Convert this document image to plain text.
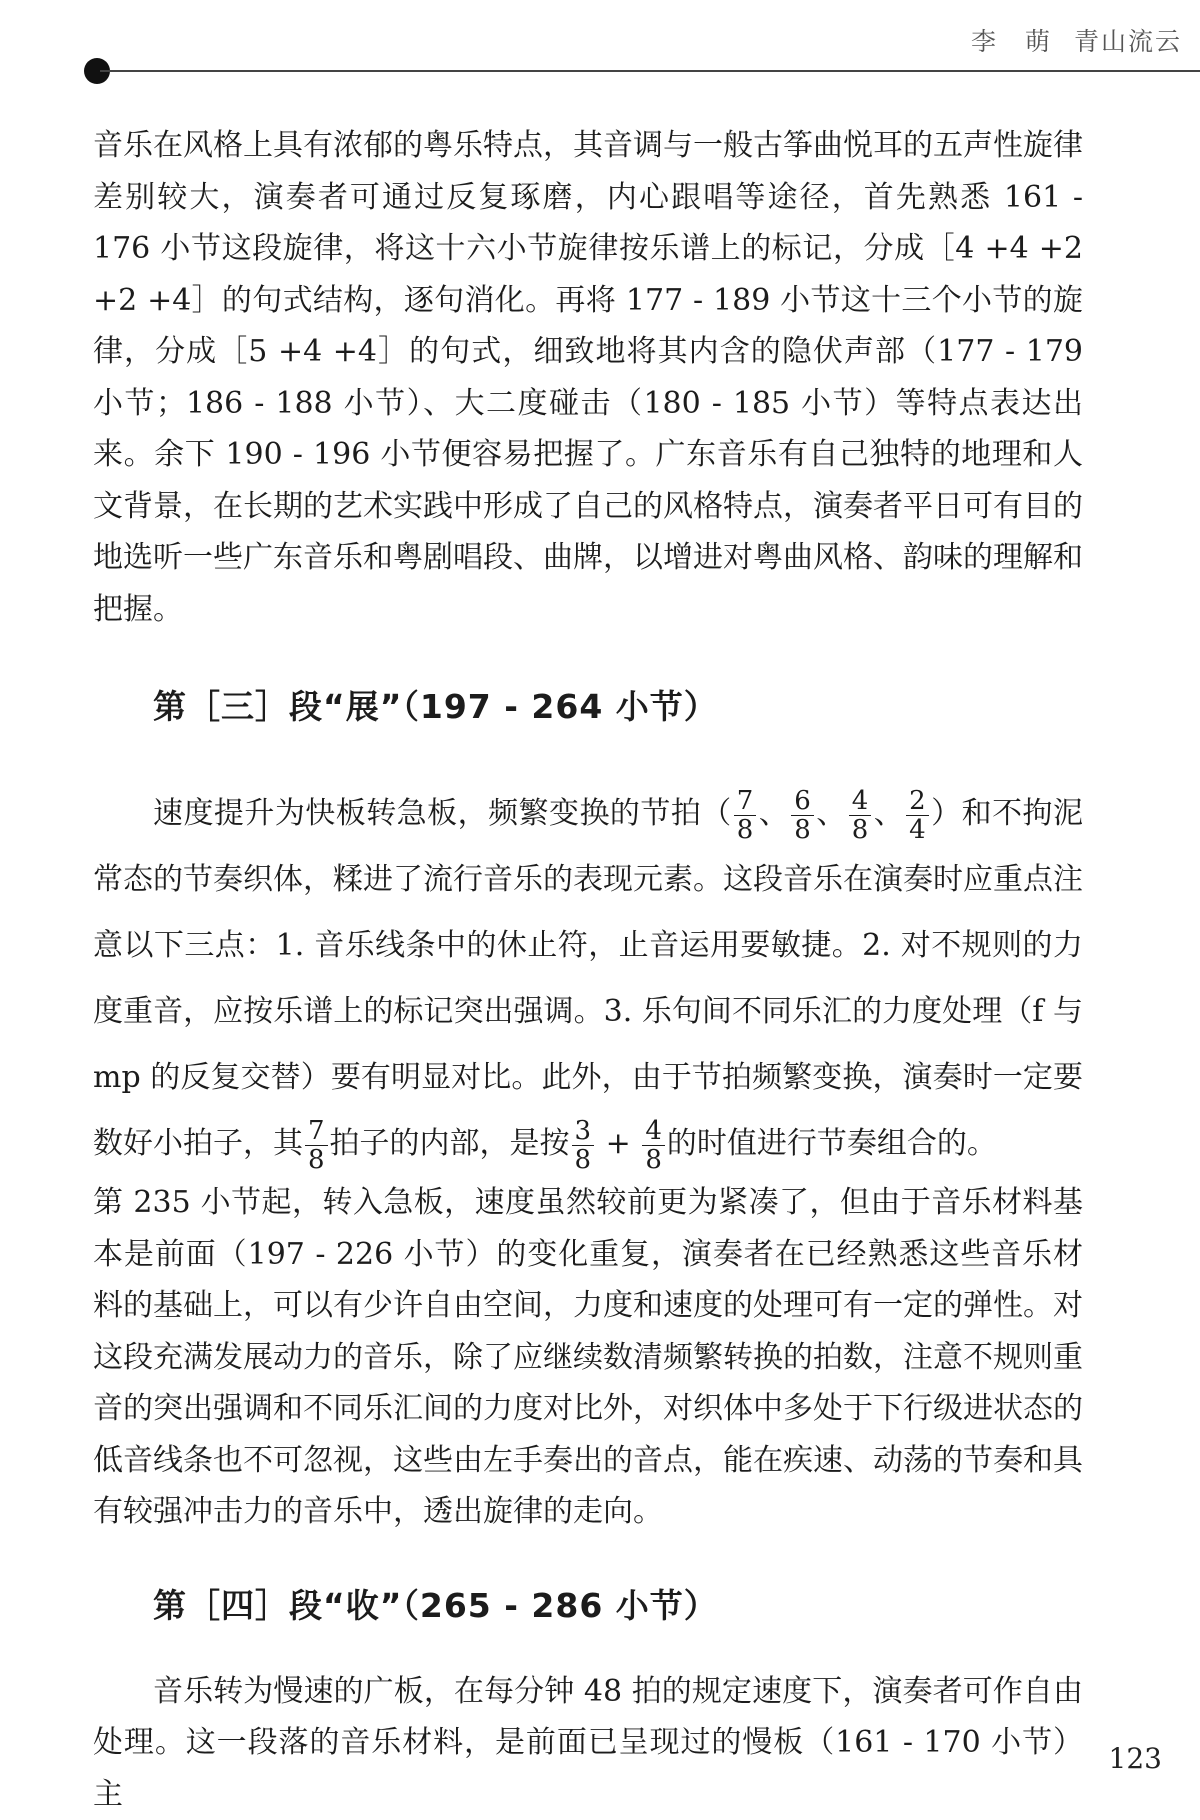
李　萌 青山流云

音乐在风格上具有浓郁的粤乐特点，其音调与一般古筝曲悦耳的五声性旋律差别较大，演奏者可通过反复琢磨，内心跟唱等途径，首先熟悉 161 - 176 小节这段旋律，将这十六小节旋律按乐谱上的标记，分成［4 +4 +2 +2 +4］的句式结构，逐句消化。再将 177 - 189 小节这十三个小节的旋律，分成［5 +4 +4］的句式，细致地将其内含的隐伏声部（177 - 179 小节；186 - 188 小节）、大二度碰击（180 - 185 小节）等特点表达出来。余下 190 - 196 小节便容易把握了。广东音乐有自己独特的地理和人文背景，在长期的艺术实践中形成了自己的风格特点，演奏者平日可有目的地选听一些广东音乐和粤剧唱段、曲牌，以增进对粤曲风格、韵味的理解和把握。

第［三］段“展”（197 - 264 小节）

速度提升为快板转急板，频繁变换的节拍（ $\frac{7}{8}$ 、 $\frac{6}{8}$ 、 $\frac{4}{8}$ 、 $\frac{2}{4}$ ）和不拘泥常态的节奏织体，糅进了流行音乐的表现元素。这段音乐在演奏时应重点注意以下三点：1. 音乐线条中的休止符，止音运用要敏捷。2. 对不规则的力度重音，应按乐谱上的标记突出强调。3. 乐句间不同乐汇的力度处理（f 与 mp 的反复交替）要有明显对比。此外，由于节拍频繁变换，演奏时一定要数好小拍子，其 $\frac{7}{8}$ 拍子的内部，是按 $\frac{3}{8} + \frac{4}{8}$ 的时值进行节奏组合的。

第 235 小节起，转入急板，速度虽然较前更为紧凑了，但由于音乐材料基本是前面（197 - 226 小节）的变化重复，演奏者在已经熟悉这些音乐材料的基础上，可以有少许自由空间，力度和速度的处理可有一定的弹性。对这段充满发展动力的音乐，除了应继续数清频繁转换的拍数，注意不规则重音的突出强调和不同乐汇间的力度对比外，对织体中多处于下行级进状态的低音线条也不可忽视，这些由左手奏出的音点，能在疾速、动荡的节奏和具有较强冲击力的音乐中，透出旋律的走向。

第［四］段“收”（265 - 286 小节）

音乐转为慢速的广板，在每分钟 48 拍的规定速度下，演奏者可作自由处理。这一段落的音乐材料，是前面已呈现过的慢板（161 - 170 小节）主

123
